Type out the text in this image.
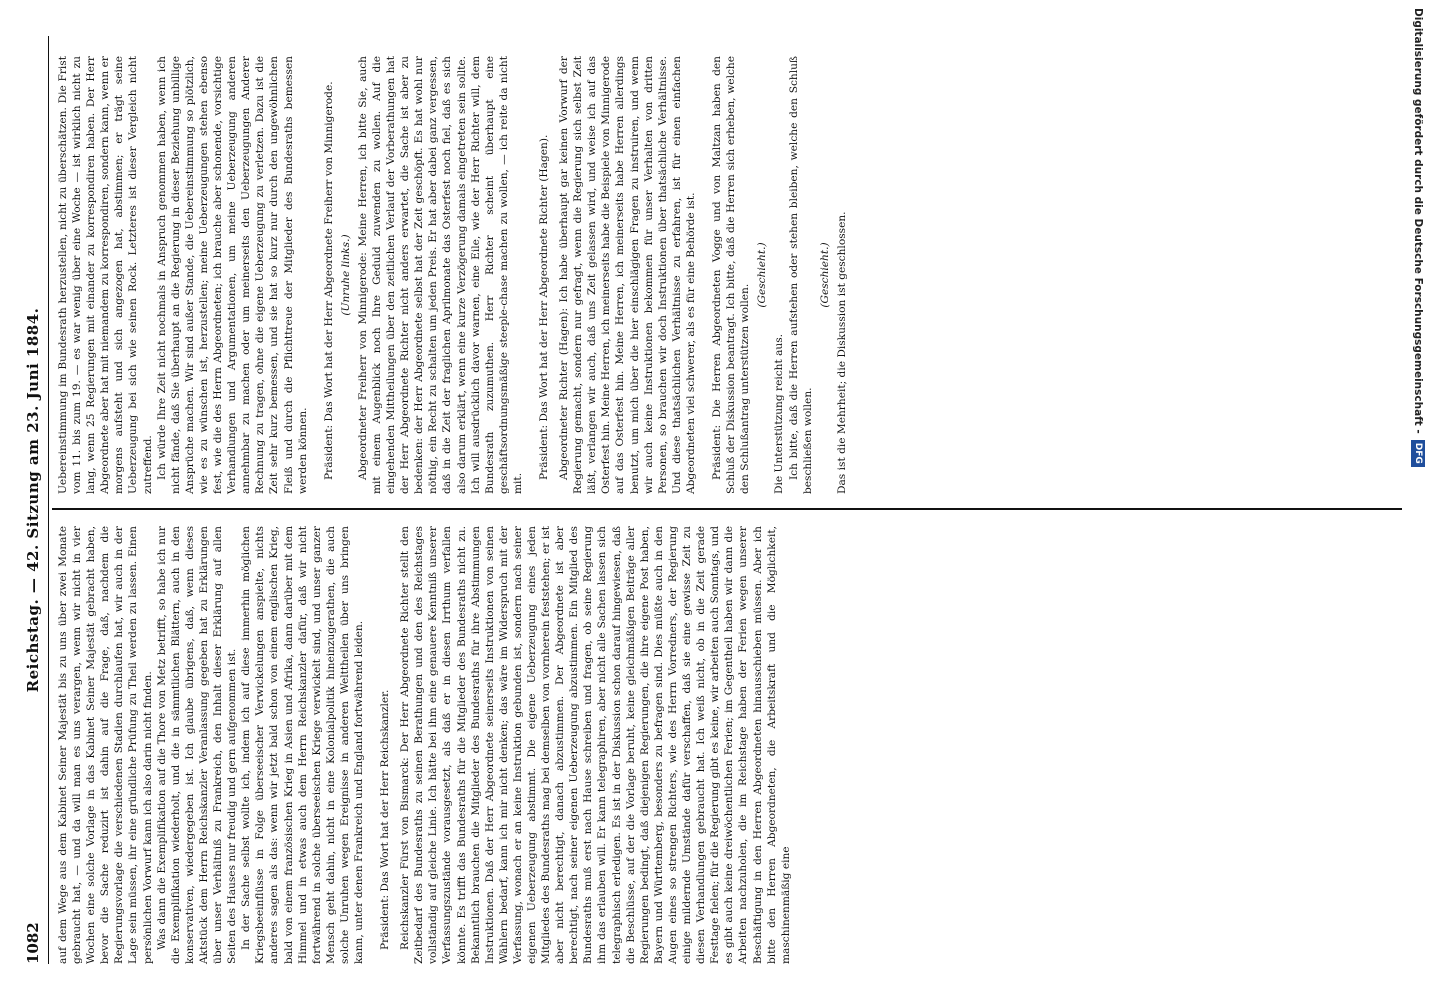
1082
Reichstag. — 42. Sitzung am 23. Juni 1884.

auf dem Wege aus dem Kabinet Seiner Majestät bis zu uns über zwei Monate gebraucht hat, — und da will man es uns verargen, wenn wir nicht in vier Wochen eine solche Vorlage in das Kabinet Seiner Majestät gebracht haben, bevor die Sache reduzirt ist dahin auf die Frage, daß, nachdem die Regierungsvorlage die verschiedenen Stadien durchlaufen hat, wir auch in der Lage sein müssen, ihr eine gründliche Prüfung zu Theil werden zu lassen. Einen persönlichen Vorwurf kann ich also darin nicht finden. Was dann die Exemplifikation auf die Thore von Metz betrifft, so habe ich nur die Exemplifikation wiederholt, und die in sämmtlichen Blättern, auch in den konservativen, wiedergegeben ist. Ich glaube übrigens, daß, wenn dieses Aktstück dem Herrn Reichskanzler Veranlassung gegeben hat zu Erklärungen über unser Verhältniß zu Frankreich, den Inhalt dieser Erklärung auf allen Seiten des Hauses nur freudig und gern aufgenommen ist. In der Sache selbst wollte ich, indem ich auf diese immerhin möglichen Kriegsbeeinflüsse in Folge überseeischer Verwickelungen anspielte, nichts anderes sagen als das: wenn wir jetzt bald schon von einem englischen Krieg, bald von einem französischen Krieg in Asien und Afrika, dann darüber mit dem Himmel und in etwas auch dem Herrn Reichskanzler dafür, daß wir nicht fortwährend in solche überseeischen Kriege verwickelt sind, und unser ganzer Mensch geht dahin, nicht in eine Kolonialpolitik hineinzugerathen, die auch solche Unruhen wegen Ereignisse in anderen Welttheilen über uns bringen kann, unter denen Frankreich und England fortwährend leiden. Präsident: Das Wort hat der Herr Reichskanzler. Reichskanzler Fürst von Bismarck: Der Herr Abgeordnete Richter stellt den Zeitbedarf des Bundesraths zu seinen Berathungen und den des Reichstages vollständig auf gleiche Linie. Ich hätte bei ihm eine genauere Kenntniß unserer Verfassungszustände vorausgesetzt, als daß er in diesen Irrthum verfallen könnte. Es trifft das Bundesraths für die Mitglieder des Bundesraths nicht zu. Bekanntlich brauchen die Mitglieder des Bundesraths für ihre Abstimmungen Instruktionen. Daß der Herr Abgeordnete seinerseits Instruktionen von seinen Wählern bedarf, kann ich mir nicht denken; das wäre im Widerspruch mit der Verfassung, wonach er an keine Instruktion gebunden ist, sondern nach seiner eigenen Ueberzeugung abstimmt. Die eigene Ueberzeugung eines jeden Mitgliedes des Bundesraths mag bei demselben von vornherein feststehen; er ist aber nicht berechtigt, danach abzustimmen. Der Abgeordnete ist aber berechtigt, nach seiner eigenen Ueberzeugung abzustimmen. Ein Mitglied des Bundesraths muß erst nach Hause schreiben und fragen, ob seine Regierung ihm das erlauben will. Er kann telegraphiren, aber nicht alle Sachen lassen sich telegraphisch erledigen. Es ist in der Diskussion schon darauf hingewiesen, daß die Beschlüsse, auf der die Vorlage beruht, keine gleichmäßigen Beiträge aller Regierungen bedingt, daß diejenigen Regierungen, die ihre eigene Post haben, Bayern und Württemberg, besonders zu befragen sind. Dies müßte auch in den Augen eines so strengen Richters, wie des Herrn Vorredners, der Regierung einige mildernde Umstände dafür verschaffen, daß sie eine gewisse Zeit zu diesen Verhandlungen gebraucht hat. Ich weiß nicht, ob in die Zeit gerade Festtage fielen; für die Regierung gibt es keine, wir arbeiten auch Sonntags, und es gibt auch keine dreiwöchentlichen Ferien; im Gegentheil haben wir dann die Arbeiten nachzuholen, die im Reichstage haben der Ferien wegen unserer Beschäftigung in den Herren Abgeordneten hinausschieben müssen. Aber ich bitte den Herren Abgeordneten, die Arbeitskraft und die Möglichkeit, maschinenmäßig eine

Uebereinstimmung im Bundesrath herzustellen, nicht zu überschätzen. Die Frist vom 11. bis zum 19. — es war wenig über eine Woche — ist wirklich nicht zu lang, wenn 25 Regierungen mit einander zu korrespondiren haben. Der Herr Abgeordnete aber hat mit niemandem zu korrespondiren, sondern kann, wenn er morgens aufsteht und sich angezogen hat, abstimmen; er trägt seine Ueberzeugung bei sich wie seinen Rock. Letzteres ist dieser Vergleich nicht zutreffend. Ich würde Ihre Zeit nicht nochmals in Anspruch genommen haben, wenn ich nicht fände, daß Sie überhaupt an die Regierung in dieser Beziehung unbillige Ansprüche machen. Wir sind außer Stande, die Uebereinstimmung so plötzlich, wie es zu wünschen ist, herzustellen; meine Ueberzeugungen stehen ebenso fest, wie die des Herrn Abgeordneten; ich brauche aber schonende, vorsichtige Verhandlungen und Argumentationen, um meine Ueberzeugung anderen annehmbar zu machen oder um meinerseits den Ueberzeugungen Anderer Rechnung zu tragen, ohne die eigene Ueberzeugung zu verletzen. Dazu ist die Zeit sehr kurz bemessen, und sie hat so kurz nur durch den ungewöhnlichen Fleiß und durch die Pflichttreue der Mitglieder des Bundesraths bemessen werden können. Präsident: Das Wort hat der Herr Abgeordnete Freiherr von Minnigerode. (Unruhe links.) Abgeordneter Freiherr von Minnigerode: Meine Herren, ich bitte Sie, auch mit einem Augenblick noch Ihre Geduld zuwenden zu wollen. Auf die eingehenden Mittheilungen über den zeitlichen Verlauf der Vorberathungen hat der Herr Abgeordnete Richter nicht anders erwartet, die Sache ist aber zu bedenken: der Herr Abgeordnete selbst hat der Zeit geschöpft. Es hat wohl nur nöthig, ein Recht zu schalten um jeden Preis. Er hat aber dabei ganz vergessen, daß in die Zeit der fraglichen Aprilmonate das Osterfest noch fiel, daß es sich also darum erklärt, wenn eine kurze Verzögerung damals eingetreten sein sollte. Ich will ausdrücklich davor warnen, eine Eile, wie der Herr Richter will, dem Bundesrath zuzumuthen. Herr Richter scheint überhaupt eine geschäftsordnungsmäßige steeple-chase machen zu wollen, — ich reite da nicht mit.

Präsident: Das Wort hat der Herr Abgeordnete Richter (Hagen). Abgeordneter Richter (Hagen): Ich habe überhaupt gar keinen Vorwurf der Regierung gemacht, sondern nur gefragt, wenn die Regierung sich selbst Zeit läßt, verlangen wir auch, daß uns Zeit gelassen wird, und weise ich auf das Osterfest hin. Meine Herren, ich meinerseits habe die Beispiele von Minnigerode auf das Osterfest hin. Meine Herren, ich meinerseits habe Herren allerdings benutzt, um mich über die hier einschlägigen Fragen zu instruiren, und wenn wir auch keine Instruktionen bekommen für unser Verhalten von dritten Personen, so brauchen wir doch Instruktionen über thatsächliche Verhältnisse. Und diese thatsächlichen Verhältnisse zu erfahren, ist für einen einfachen Abgeordneten viel schwerer, als es für eine Behörde ist. Präsident: Die Herren Abgeordneten Vogge und von Maltzan haben den Schluß der Diskussion beantragt. Ich bitte, daß die Herren sich erheben, welche den Schlußantrag unterstützen wollen.

(Geschieht.)

Die Unterstützung reicht aus. Ich bitte, daß die Herren aufstehen oder stehen bleiben, welche den Schluß beschließen wollen.

(Geschieht.) Das ist die Mehrheit; die Diskussion ist geschlossen.	Digitalisierung gefördert durch die Deutsche Forschungsgemeinschaft -DFG
